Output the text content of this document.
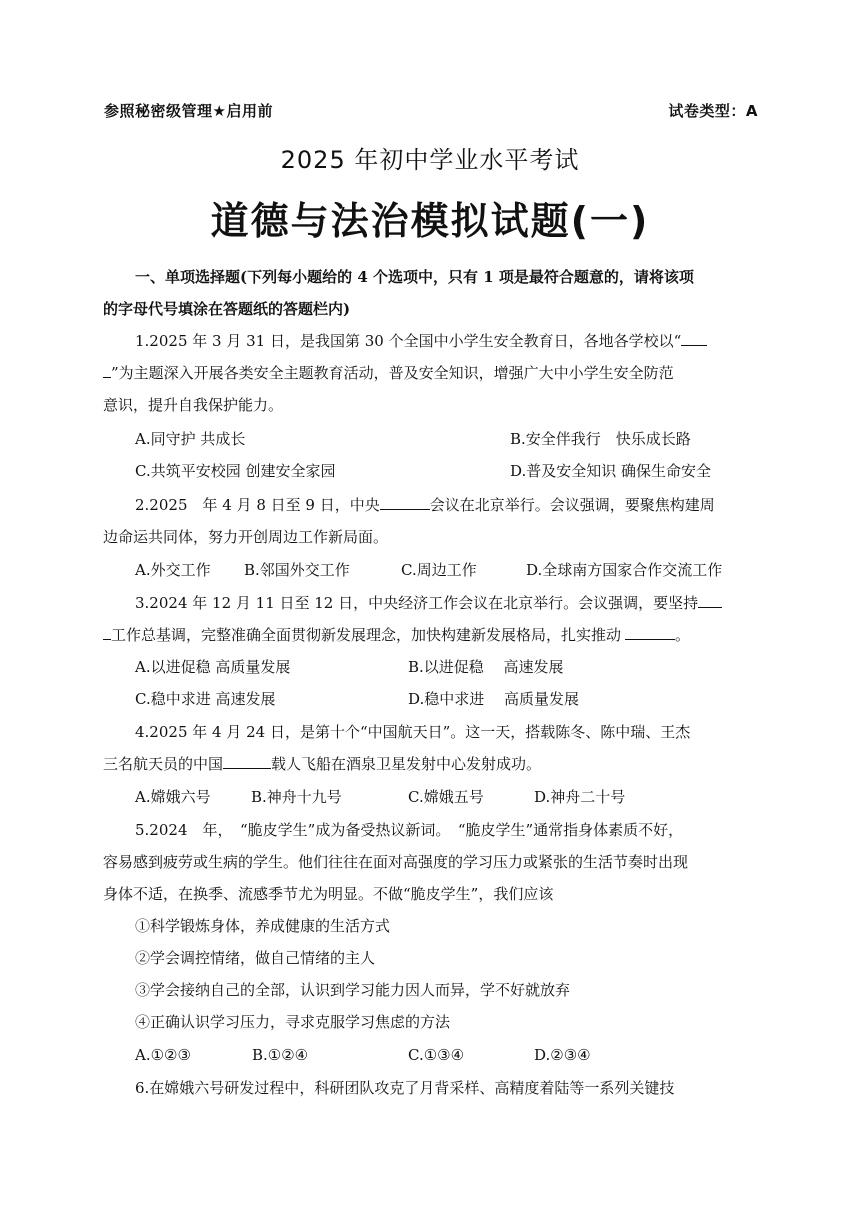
参照秘密级管理★启用前	试卷类型：A
2025 年初中学业水平考试
道德与法治模拟试题(一)
一、单项选择题(下列每小题给的 4 个选项中，只有 1 项是最符合题意的，请将该项
的字母代号填涂在答题纸的答题栏内)
1.2025 年 3 月 31 日，是我国第 30 个全国中小学生安全教育日，各地各学校以“
”为主题深入开展各类安全主题教育活动，普及安全知识，增强广大中小学生安全防范
意识，提升自我保护能力。
A.同守护 共成长	B.安全伴我行　快乐成长路
C.共筑平安校园 创建安全家园	D.普及安全知识 确保生命安全
2.2025　年 4 月 8 日至 9 日，中央	会议在北京举行。会议强调，要聚焦构建周
边命运共同体，努力开创周边工作新局面。
A.外交工作 B.邻国外交工作	C.周边工作	D.全球南方国家合作交流工作
3.2024 年 12 月 11 日至 12 日，中央经济工作会议在北京举行。会议强调，要坚持
工作总基调，完整准确全面贯彻新发展理念，加快构建新发展格局，扎实推动	。
A.以进促稳 高质量发展	B.以进促稳　 高速发展
C.稳中求进 高速发展	D.稳中求进　 高质量发展
4.2025 年 4 月 24 日，是第十个“中国航天日”。这一天，搭载陈冬、陈中瑞、王杰
三名航天员的中国	载人飞船在酒泉卫星发射中心发射成功。
A.嫦娥六号	B.神舟十九号	C.嫦娥五号	D.神舟二十号
5.2024　年，　“脆皮学生”成为备受热议新词。　“脆皮学生”通常指身体素质不好，
容易感到疲劳或生病的学生。他们往往在面对高强度的学习压力或紧张的生活节奏时出现
身体不适，在换季、流感季节尤为明显。不做“脆皮学生”，我们应该
①科学锻炼身体，养成健康的生活方式
②学会调控情绪，做自己情绪的主人
③学会接纳自己的全部，认识到学习能力因人而异，学不好就放弃
④正确认识学习压力，寻求克服学习焦虑的方法
A.①②③	B.①②④	C.①③④	D.②③④
6.在嫦娥六号研发过程中，科研团队攻克了月背采样、高精度着陆等一系列关键技
